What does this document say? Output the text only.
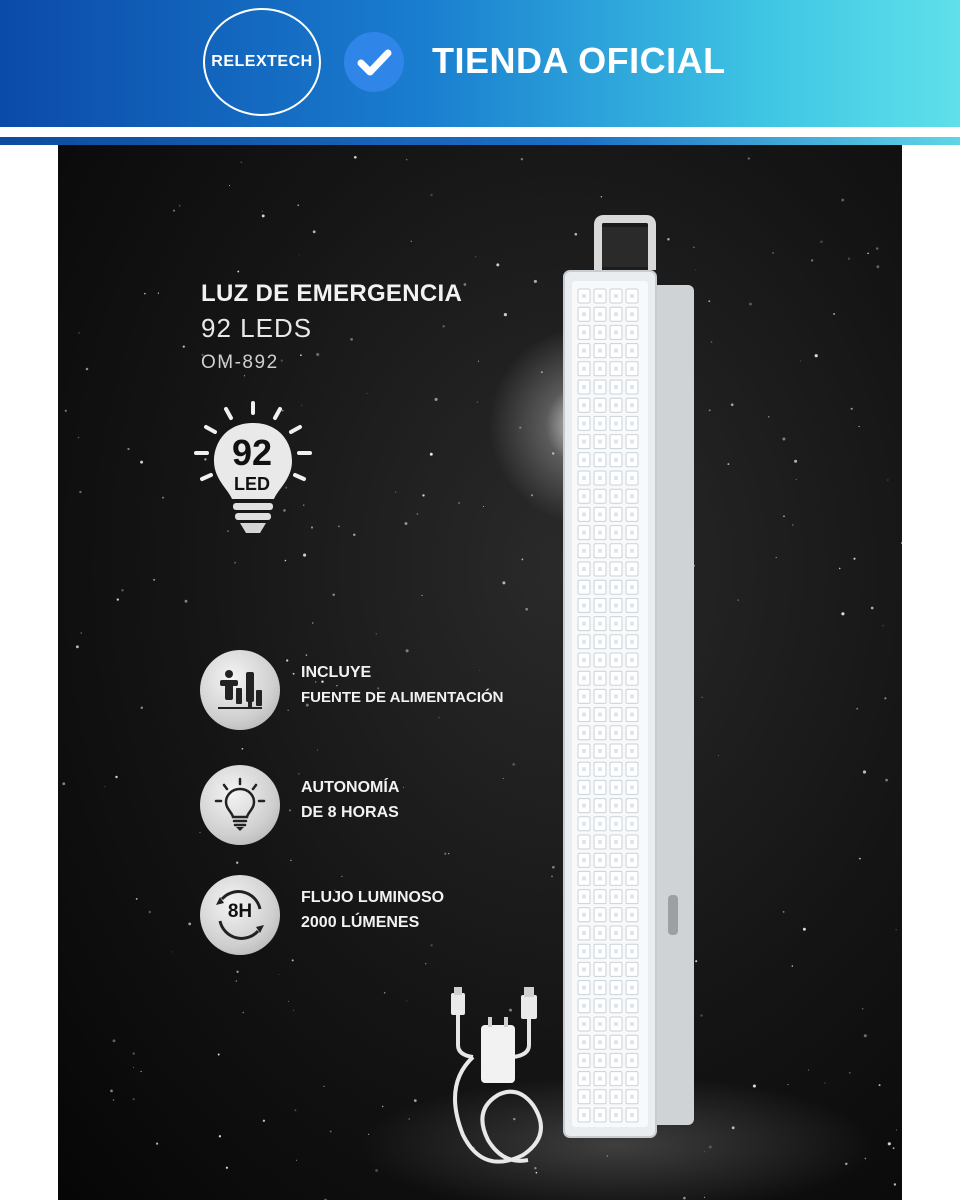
RELEXTECH	TIENDA OFICIAL
LUZ DE EMERGENCIA
92 LEDS
OM-892
92
LED
INCLUYE
FUENTE DE ALIMENTACIÓN
AUTONOMÍA
DE 8 HORAS
8H
FLUJO LUMINOSO
2000 LÚMENES
